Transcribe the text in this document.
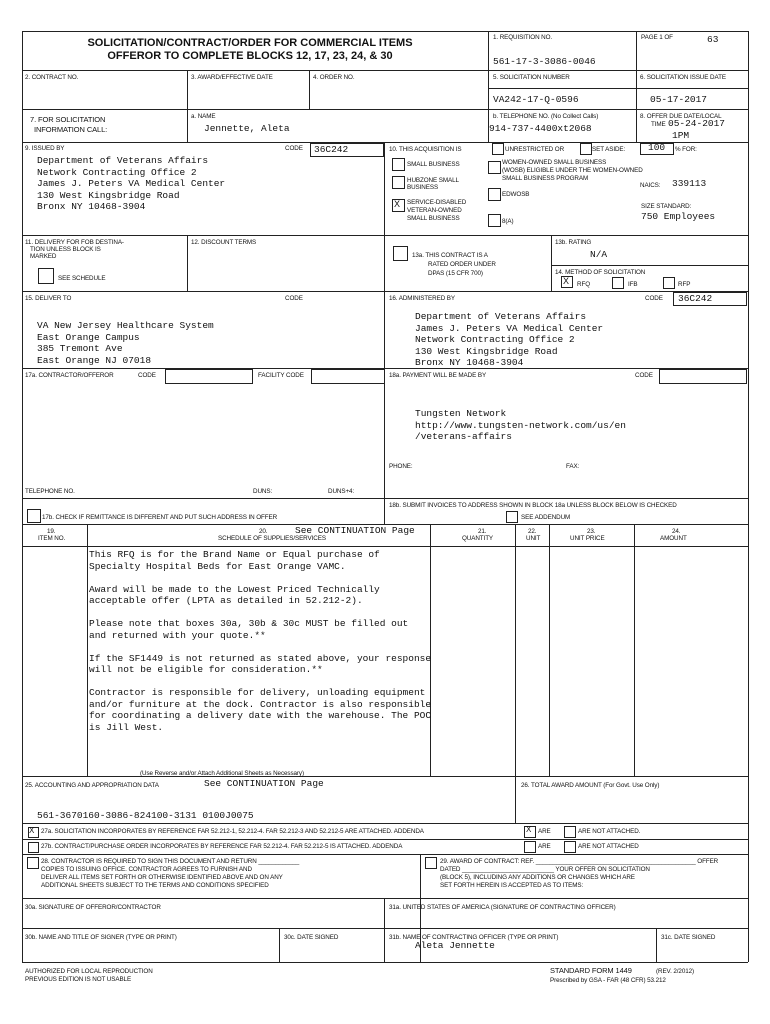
SOLICITATION/CONTRACT/ORDER FOR COMMERCIAL ITEMS
OFFEROR TO COMPLETE BLOCKS 12, 17, 23, 24, & 30
1. REQUISITION NO.
561-17-3-3086-0046
PAGE 1 OF	63
2. CONTRACT NO.	3. AWARD/EFFECTIVE DATE	4. ORDER NO.	5. SOLICITATION NUMBER
VA242-17-Q-0596
6. SOLICITATION ISSUE DATE
05-17-2017
7. FOR SOLICITATION
INFORMATION CALL:
a. NAME
Jennette, Aleta
b. TELEPHONE NO. (No Collect Calls)
914-737-4400xt2068
8. OFFER DUE DATE/LOCAL
TIME 05-24-2017
1PM
9. ISSUED BY	CODE 36C242
Department of Veterans Affairs
Network Contracting Office 2
James J. Peters VA Medical Center
130 West Kingsbridge Road
Bronx NY 10468-3904
10. THIS ACQUISITION IS	UNRESTRICTED OR	SET ASIDE: 100 % FOR:
SMALL BUSINESS
HUBZONE SMALL
BUSINESS
X SERVICE-DISABLED
VETERAN-OWNED
SMALL BUSINESS
WOMEN-OWNED SMALL BUSINESS
(WOSB) ELIGIBLE UNDER THE WOMEN-OWNED
SMALL BUSINESS PROGRAM
EDWOSB
8(A)
NAICS: 339113
SIZE STANDARD:
750 Employees
11. DELIVERY FOR FOB DESTINA-
TION UNLESS BLOCK IS
MARKED
SEE SCHEDULE
12. DISCOUNT TERMS
13a. THIS CONTRACT IS A
RATED ORDER UNDER
DPAS (15 CFR 700)
13b. RATING
N/A
14. METHOD OF SOLICITATION
X RFQ	IFB	RFP
15. DELIVER TO	CODE
VA New Jersey Healthcare System
East Orange Campus
385 Tremont Ave
East Orange NJ 07018
16. ADMINISTERED BY	CODE 36C242
Department of Veterans Affairs
James J. Peters VA Medical Center
Network Contracting Office 2
130 West Kingsbridge Road
Bronx NY 10468-3904
17a. CONTRACTOR/OFFEROR	CODE	FACILITY CODE
TELEPHONE NO.	DUNS:	DUNS+4:
17b. CHECK IF REMITTANCE IS DIFFERENT AND PUT SUCH ADDRESS IN OFFER
18a. PAYMENT WILL BE MADE BY	CODE
Tungsten Network
http://www.tungsten-network.com/us/en
/veterans-affairs
PHONE:	FAX:
18b. SUBMIT INVOICES TO ADDRESS SHOWN IN BLOCK 18a UNLESS BLOCK BELOW IS CHECKED
SEE ADDENDUM
19.
ITEM NO.
20.
SCHEDULE OF SUPPLIES/SERVICES
See CONTINUATION Page	21.
QUANTITY
22.
UNIT
23.
UNIT PRICE
24.
AMOUNT
This RFQ is for the Brand Name or Equal purchase of
Specialty Hospital Beds for East Orange VAMC.
Award will be made to the Lowest Priced Technically
acceptable offer (LPTA as detailed in 52.212-2).
Please note that boxes 30a, 30b & 30c MUST be filled out
and returned with your quote.**
If the SF1449 is not returned as stated above, your response
will not be eligible for consideration.**
Contractor is responsible for delivery, unloading equipment
and/or furniture at the dock. Contractor is also responsible
for coordinating a delivery date with the warehouse. The POC
is Jill West.
(Use Reverse and/or Attach Additional Sheets as Necessary)
25. ACCOUNTING AND APPROPRIATION DATA	See CONTINUATION Page
561-3670160-3086-824100-3131 0100J0075
26. TOTAL AWARD AMOUNT (For Govt. Use Only)
X 27a. SOLICITATION INCORPORATES BY REFERENCE FAR 52.212-1, 52.212-4. FAR 52.212-3 AND 52.212-5 ARE ATTACHED. ADDENDA	X ARE	ARE NOT ATTACHED.
27b. CONTRACT/PURCHASE ORDER INCORPORATES BY REFERENCE FAR 52.212-4. FAR 52.212-5 IS ATTACHED. ADDENDA	ARE	ARE NOT ATTACHED
28. CONTRACTOR IS REQUIRED TO SIGN THIS DOCUMENT AND RETURN ____________
COPIES TO ISSUING OFFICE. CONTRACTOR AGREES TO FURNISH AND
DELIVER ALL ITEMS SET FORTH OR OTHERWISE IDENTIFIED ABOVE AND ON ANY
ADDITIONAL SHEETS SUBJECT TO THE TERMS AND CONDITIONS SPECIFIED
29. AWARD OF CONTRACT: REF. _______________________________________________ OFFER
DATED ___________________________ YOUR OFFER ON SOLICITATION
(BLOCK 5), INCLUDING ANY ADDITIONS OR CHANGES WHICH ARE
SET FORTH HEREIN IS ACCEPTED AS TO ITEMS:
30a. SIGNATURE OF OFFEROR/CONTRACTOR	31a. UNITED STATES OF AMERICA (SIGNATURE OF CONTRACTING OFFICER)
30b. NAME AND TITLE OF SIGNER (TYPE OR PRINT)	30c. DATE SIGNED	31b. NAME OF CONTRACTING OFFICER (TYPE OR PRINT)
Aleta Jennette
31c. DATE SIGNED
AUTHORIZED FOR LOCAL REPRODUCTION
PREVIOUS EDITION IS NOT USABLE
STANDARD FORM 1449	(REV. 2/2012)
Prescribed by GSA - FAR (48 CFR) 53.212
